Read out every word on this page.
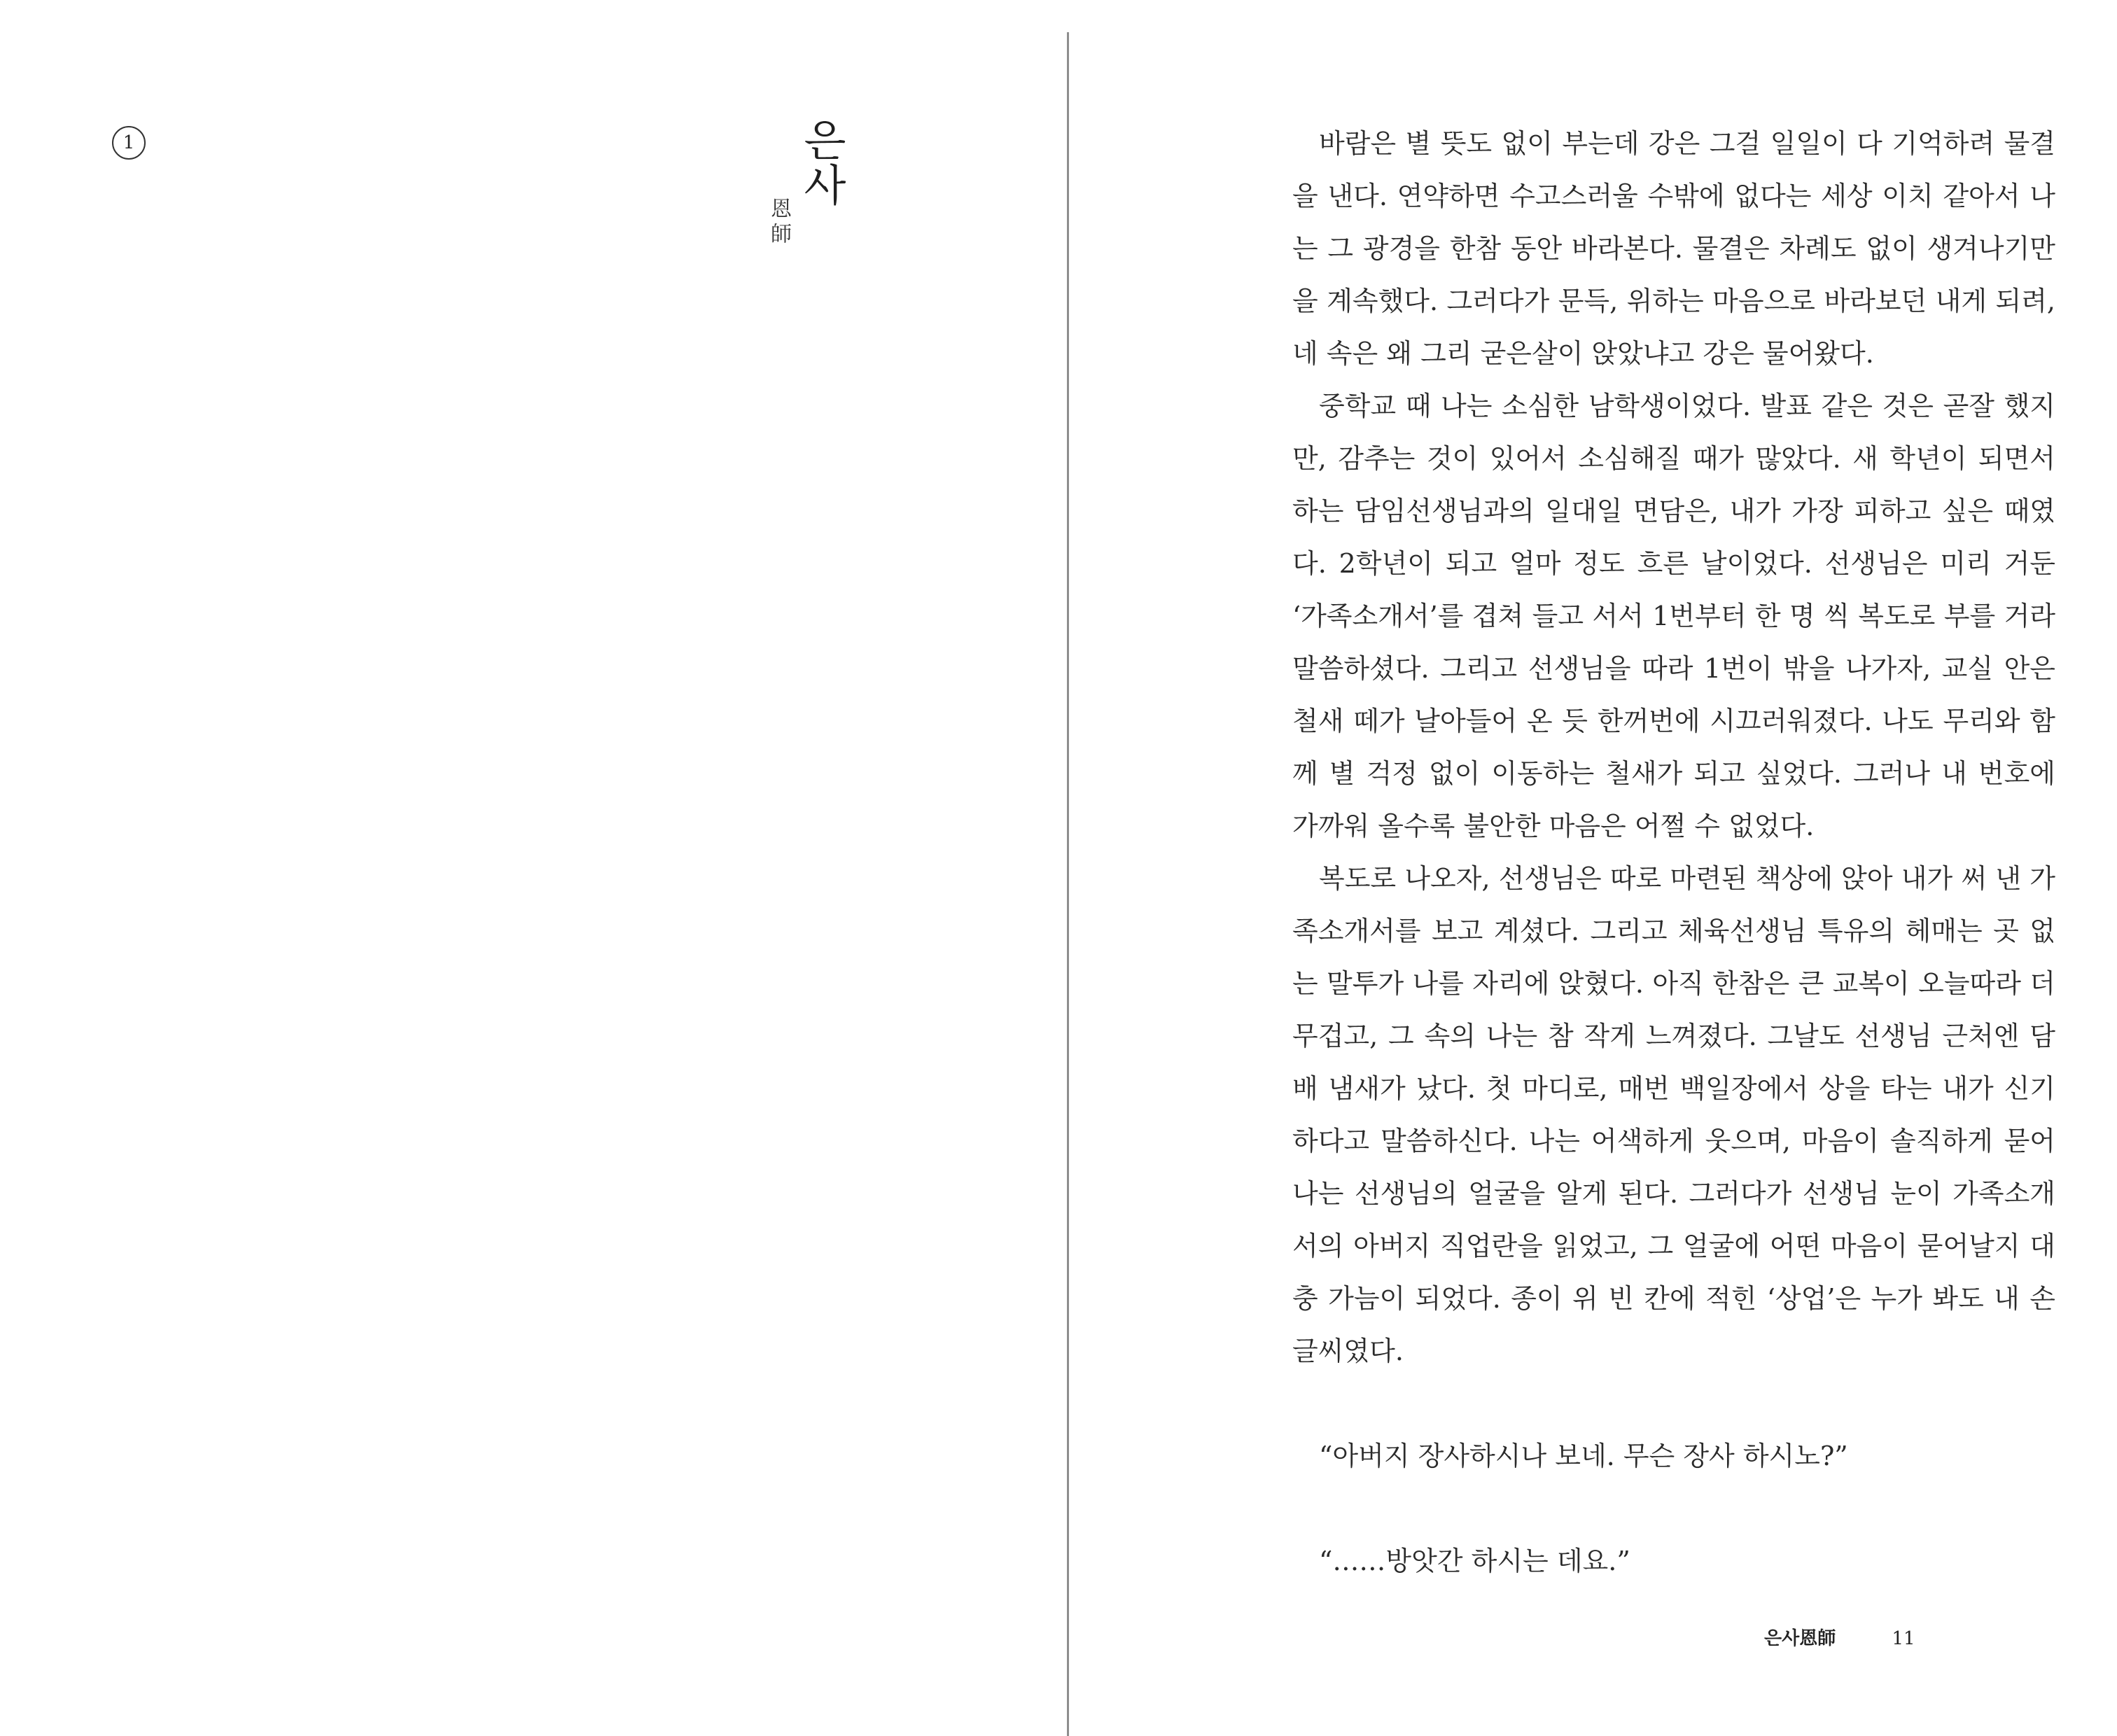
1	은사
恩師

바람은 별 뜻도 없이 부는데 강은 그걸 일일이 다 기억하려 물결을 낸다. 연약하면 수고스러울 수밖에 없다는 세상 이치 같아서 나는 그 광경을 한참 동안 바라본다. 물결은 차례도 없이 생겨나기만을 계속했다. 그러다가 문득, 위하는 마음으로 바라보던 내게 되려, 네 속은 왜 그리 굳은살이 앉았냐고 강은 물어왔다.

중학교 때 나는 소심한 남학생이었다. 발표 같은 것은 곧잘 했지만, 감추는 것이 있어서 소심해질 때가 많았다. 새 학년이 되면서 하는 담임선생님과의 일대일 면담은, 내가 가장 피하고 싶은 때였다. 2학년이 되고 얼마 정도 흐른 날이었다. 선생님은 미리 거둔 ‘가족소개서’를 겹쳐 들고 서서 1번부터 한 명 씩 복도로 부를 거라 말씀하셨다. 그리고 선생님을 따라 1번이 밖을 나가자, 교실 안은 철새 떼가 날아들어 온 듯 한꺼번에 시끄러워졌다. 나도 무리와 함께 별 걱정 없이 이동하는 철새가 되고 싶었다. 그러나 내 번호에 가까워 올수록 불안한 마음은 어쩔 수 없었다.

복도로 나오자, 선생님은 따로 마련된 책상에 앉아 내가 써 낸 가족소개서를 보고 계셨다. 그리고 체육선생님 특유의 헤매는 곳 없는 말투가 나를 자리에 앉혔다. 아직 한참은 큰 교복이 오늘따라 더 무겁고, 그 속의 나는 참 작게 느껴졌다. 그날도 선생님 근처엔 담배 냄새가 났다. 첫 마디로, 매번 백일장에서 상을 타는 내가 신기하다고 말씀하신다. 나는 어색하게 웃으며, 마음이 솔직하게 묻어나는 선생님의 얼굴을 알게 된다. 그러다가 선생님 눈이 가족소개서의 아버지 직업란을 읽었고, 그 얼굴에 어떤 마음이 묻어날지 대충 가늠이 되었다. 종이 위 빈 칸에 적힌 ‘상업’은 누가 봐도 내 손 글씨였다.

“아버지 장사하시나 보네. 무슨 장사 하시노?”

“……방앗간 하시는 데요.”

은사恩師	11
